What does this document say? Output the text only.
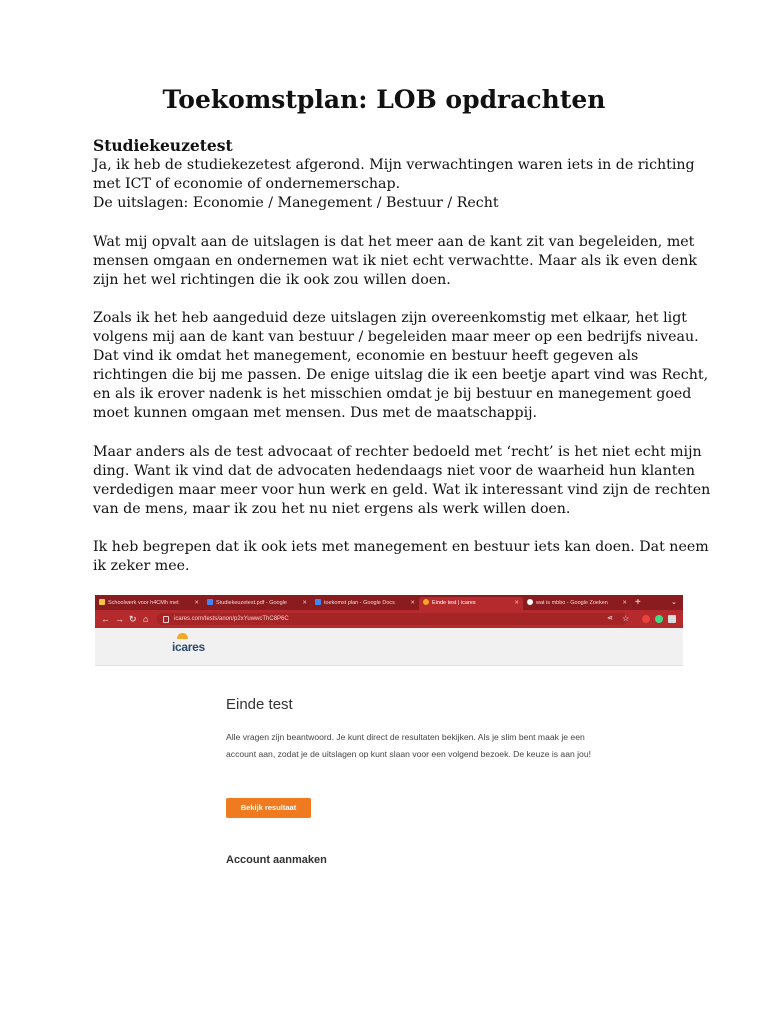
Toekomstplan: LOB opdrachten
Studiekeuzetest
Ja, ik heb de studiekezetest afgerond. Mijn verwachtingen waren iets in de richting
met ICT of economie of ondernemerschap.
De uitslagen: Economie / Manegement / Bestuur / Recht
Wat mij opvalt aan de uitslagen is dat het meer aan de kant zit van begeleiden, met
mensen omgaan en ondernemen wat ik niet echt verwachtte. Maar als ik even denk
zijn het wel richtingen die ik ook zou willen doen.
Zoals ik het heb aangeduid deze uitslagen zijn overeenkomstig met elkaar, het ligt
volgens mij aan de kant van bestuur / begeleiden maar meer op een bedrijfs niveau.
Dat vind ik omdat het manegement, economie en bestuur heeft gegeven als
richtingen die bij me passen. De enige uitslag die ik een beetje apart vind was Recht,
en als ik erover nadenk is het misschien omdat je bij bestuur en manegement goed
moet kunnen omgaan met mensen. Dus met de maatschappij.
Maar anders als de test advocaat of rechter bedoeld met ‘recht’ is het niet echt mijn
ding. Want ik vind dat de advocaten hedendaags niet voor de waarheid hun klanten
verdedigen maar meer voor hun werk en geld. Wat ik interessant vind zijn de rechten
van de mens, maar ik zou het nu niet ergens als werk willen doen.
Ik heb begrepen dat ik ook iets met manegement en bestuur iets kan doen. Dat neem
ik zeker mee.
Schoolwerk voor h4CMh met	✕	Studiekeuzetest.pdf - Google	✕	toekomst plan - Google Docs	✕	Einde test | icares	✕	wat is mbbo - Google Zoeken	✕ +	⌄
← → ↻ ⌂	icares.com/tests/anon/p2xYuwwcThC8P6C	⋖ ☆
icares
Einde test
Alle vragen zijn beantwoord. Je kunt direct de resultaten bekijken. Als je slim bent maak je een account aan, zodat je de uitslagen op kunt slaan voor een volgend bezoek. De keuze is aan jou!
Bekijk resultaat
Account aanmaken
